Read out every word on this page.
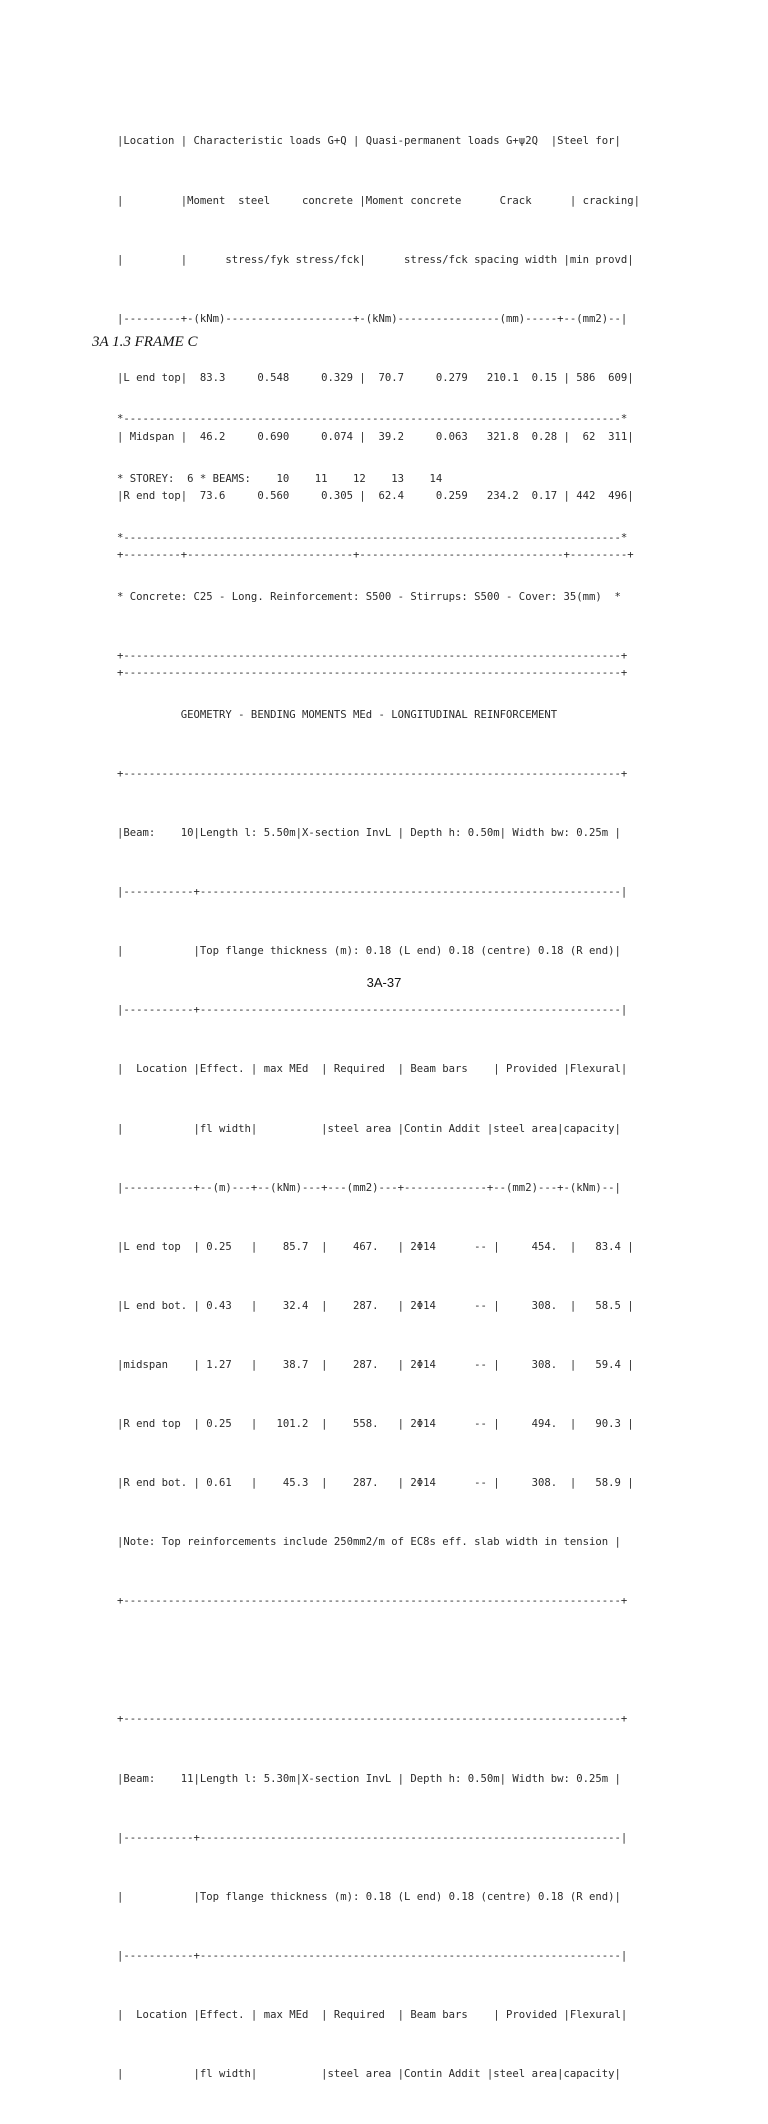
|Location | Characteristic loads G+Q | Quasi-permanent loads G+ψ2Q  |Steel for|

|         |Moment  steel     concrete |Moment concrete      Crack      | cracking|

|         |      stress/fyk stress/fck|      stress/fck spacing width |min provd|

|---------+-(kNm)--------------------+-(kNm)----------------(mm)-----+--(mm2)--|

|L end top|  83.3     0.548     0.329 |  70.7     0.279   210.1  0.15 | 586  609|

| Midspan |  46.2     0.690     0.074 |  39.2     0.063   321.8  0.28 |  62  311|

|R end top|  73.6     0.560     0.305 |  62.4     0.259   234.2  0.17 | 442  496|

+---------+--------------------------+--------------------------------+---------+

+------------------------------------------------------------------------------+

3A 1.3 FRAME C

*------------------------------------------------------------------------------*

* STOREY:  6 * BEAMS:    10    11    12    13    14

*------------------------------------------------------------------------------*

* Concrete: C25 - Long. Reinforcement: S500 - Stirrups: S500 - Cover: 35(mm)  *

+------------------------------------------------------------------------------+

GEOMETRY - BENDING MOMENTS MEd - LONGITUDINAL REINFORCEMENT

+------------------------------------------------------------------------------+

|Beam:    10|Length l: 5.50m|X-section InvL | Depth h: 0.50m| Width bw: 0.25m |

|-----------+------------------------------------------------------------------|

|           |Top flange thickness (m): 0.18 (L end) 0.18 (centre) 0.18 (R end)|

|-----------+------------------------------------------------------------------|

|  Location |Effect. | max MEd  | Required  | Beam bars    | Provided |Flexural|

|           |fl width|          |steel area |Contin Addit |steel area|capacity|

|-----------+--(m)---+--(kNm)---+---(mm2)---+-------------+--(mm2)---+-(kNm)--|

|L end top  | 0.25   |    85.7  |    467.   | 2Φ14      -- |     454.  |   83.4 |

|L end bot. | 0.43   |    32.4  |    287.   | 2Φ14      -- |     308.  |   58.5 |

|midspan    | 1.27   |    38.7  |    287.   | 2Φ14      -- |     308.  |   59.4 |

|R end top  | 0.25   |   101.2  |    558.   | 2Φ14      -- |     494.  |   90.3 |

|R end bot. | 0.61   |    45.3  |    287.   | 2Φ14      -- |     308.  |   58.9 |

|Note: Top reinforcements include 250mm2/m of EC8s eff. slab width in tension |

+------------------------------------------------------------------------------+

+------------------------------------------------------------------------------+

|Beam:    11|Length l: 5.30m|X-section InvL | Depth h: 0.50m| Width bw: 0.25m |

|-----------+------------------------------------------------------------------|

|           |Top flange thickness (m): 0.18 (L end) 0.18 (centre) 0.18 (R end)|

|-----------+------------------------------------------------------------------|

|  Location |Effect. | max MEd  | Required  | Beam bars    | Provided |Flexural|

|           |fl width|          |steel area |Contin Addit |steel area|capacity|

3A-37
